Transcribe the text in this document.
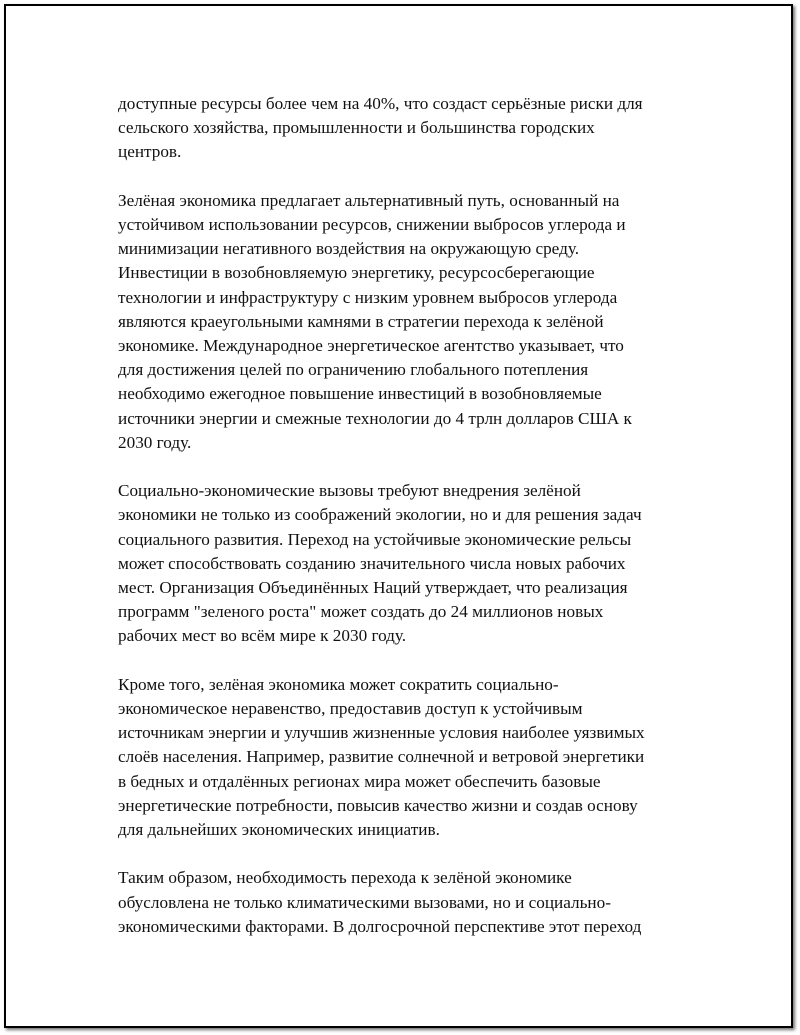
доступные ресурсы более чем на 40%, что создаст серьёзные риски для
сельского хозяйства, промышленности и большинства городских
центров.

Зелёная экономика предлагает альтернативный путь, основанный на
устойчивом использовании ресурсов, снижении выбросов углерода и
минимизации негативного воздействия на окружающую среду.
Инвестиции в возобновляемую энергетику, ресурсосберегающие
технологии и инфраструктуру с низким уровнем выбросов углерода
являются краеугольными камнями в стратегии перехода к зелёной
экономике. Международное энергетическое агентство указывает, что
для достижения целей по ограничению глобального потепления
необходимо ежегодное повышение инвестиций в возобновляемые
источники энергии и смежные технологии до 4 трлн долларов США к
2030 году.

Социально-экономические вызовы требуют внедрения зелёной
экономики не только из соображений экологии, но и для решения задач
социального развития. Переход на устойчивые экономические рельсы
может способствовать созданию значительного числа новых рабочих
мест. Организация Объединённых Наций утверждает, что реализация
программ "зеленого роста" может создать до 24 миллионов новых
рабочих мест во всём мире к 2030 году.

Кроме того, зелёная экономика может сократить социально-
экономическое неравенство, предоставив доступ к устойчивым
источникам энергии и улучшив жизненные условия наиболее уязвимых
слоёв населения. Например, развитие солнечной и ветровой энергетики
в бедных и отдалённых регионах мира может обеспечить базовые
энергетические потребности, повысив качество жизни и создав основу
для дальнейших экономических инициатив.

Таким образом, необходимость перехода к зелёной экономике
обусловлена не только климатическими вызовами, но и социально-
экономическими факторами. В долгосрочной перспективе этот переход
